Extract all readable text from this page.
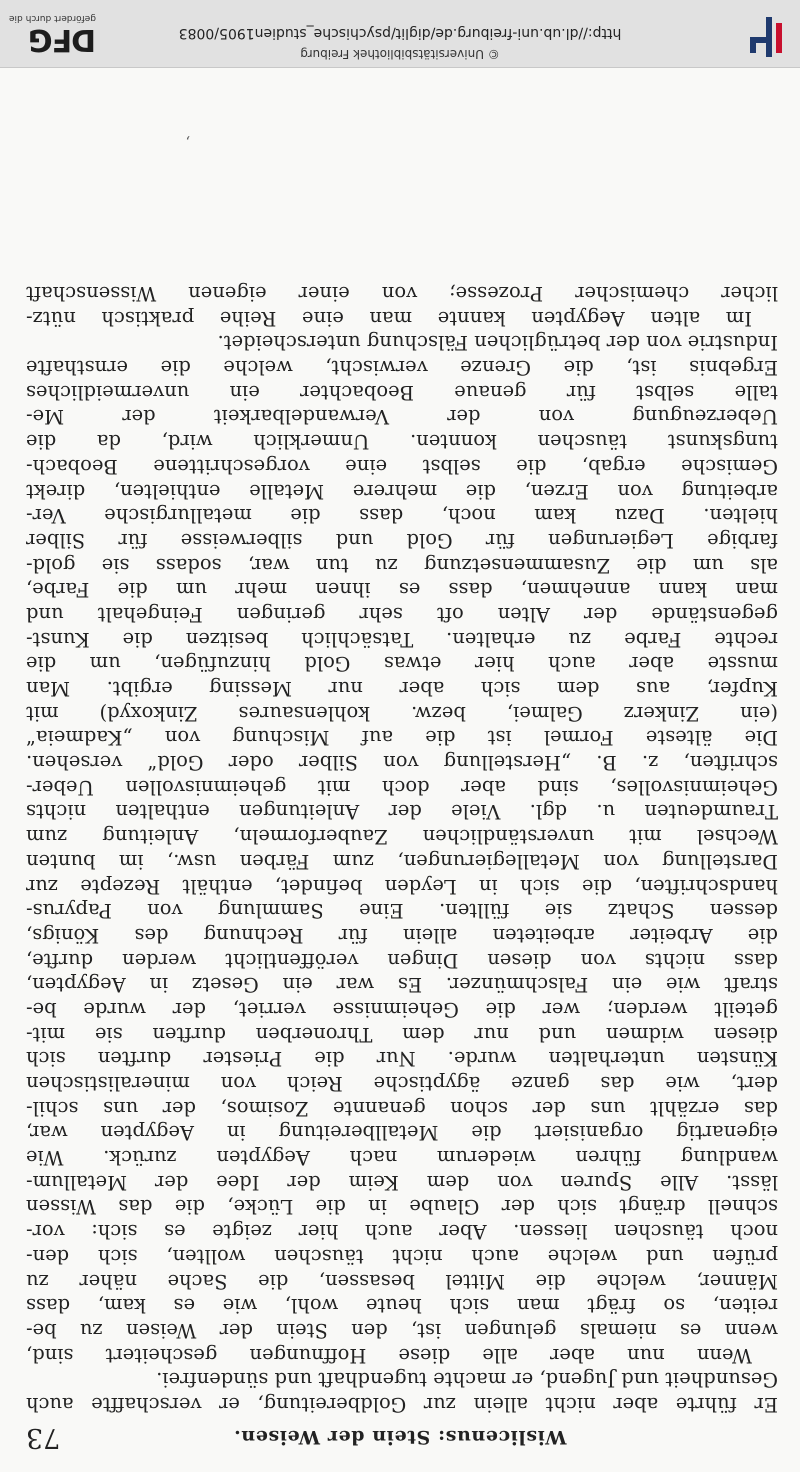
Wislicenus: Stein der Weisen.
73
Er führte aber nicht allein zur Goldbereitung, er verschaffte auch
Gesundheit und Jugend, er machte tugendhaft und sündenfrei.
Wenn nun aber alle diese Hoffnungen gescheitert sind,
wenn es niemals gelungen ist, den Stein der Weisen zu be-
reiten, so frägt man sich heute wohl, wie es kam, dass
Männer, welche die Mittel besassen, die Sache näher zu
prüfen und welche auch nicht täuschen wollten, sich den-
noch täuschen liessen. Aber auch hier zeigte es sich: vor-
schnell drängt sich der Glaube in die Lücke, die das Wissen
lässt. Alle Spuren von dem Keim der Idee der Metallum-
wandlung führen wiederum nach Aegypten zurück. Wie
eigenartig organisiert die Metallbereitung in Aegypten war,
das erzählt uns der schon genannte Zosimos, der uns schil-
dert, wie das ganze ägyptische Reich von mineralistischen
Künsten unterhalten wurde. Nur die Priester durften sich
diesen widmen und nur dem Thronerben durften sie mit-
geteilt werden; wer die Geheimnisse verriet, der wurde be-
straft wie ein Falschmünzer. Es war ein Gesetz in Aegypten,
dass nichts von diesen Dingen veröffentlicht werden durfte,
die Arbeiter arbeiteten allein für Rechnung des Königs,
dessen Schatz sie füllten. Eine Sammlung von Papyrus-
handschriften, die sich in Leyden befindet, enthält Rezepte zur
Darstellung von Metallegierungen, zum Färben usw., im bunten
Wechsel mit unverständlichen Zauberformeln, Anleitung zum
Traumdeuten u. dgl. Viele der Anleitungen enthalten nichts
Geheimnisvolles, sind aber doch mit geheimnisvollen Ueber-
schriften, z. B. „Herstellung von Silber oder Gold“ versehen.
Die älteste Formel ist die auf Mischung von „Kadmeia“
(ein Zinkerz Galmei, bezw. kohlensaures Zinkoxyd) mit
Kupfer, aus dem sich aber nur Messing ergibt. Man
musste aber auch hier etwas Gold hinzufügen, um die
rechte Farbe zu erhalten. Tatsächlich besitzen die Kunst-
gegenstände der Alten oft sehr geringen Feingehalt und
man kann annehmen, dass es ihnen mehr um die Farbe,
als um die Zusammensetzung zu tun war, sodass sie gold-
farbige Legierungen für Gold und silberweisse für Silber
hielten. Dazu kam noch, dass die metallurgische Ver-
arbeitung von Erzen, die mehrere Metalle enthielten, direkt
Gemische ergab, die selbst eine vorgeschrittene Beobach-
tungskunst täuschen konnten. Unmerklich wird, da die
Ueberzeugung von der Verwandelbarkeit der Me-
talle selbst für genaue Beobachter ein unvermeidliches
Ergebnis ist, die Grenze verwischt, welche die ernsthafte
Industrie von der betrüglichen Fälschung unterscheidet.
Im alten Aegypten kannte man eine Reihe praktisch nütz-
licher chemischer Prozesse; von einer eigenen Wissenschaft
,
http://dl.ub.uni-freiburg.de/diglit/psychische_studien1905/0083
© Universitätsbibliothek Freiburg
DFG
gefördert durch die
